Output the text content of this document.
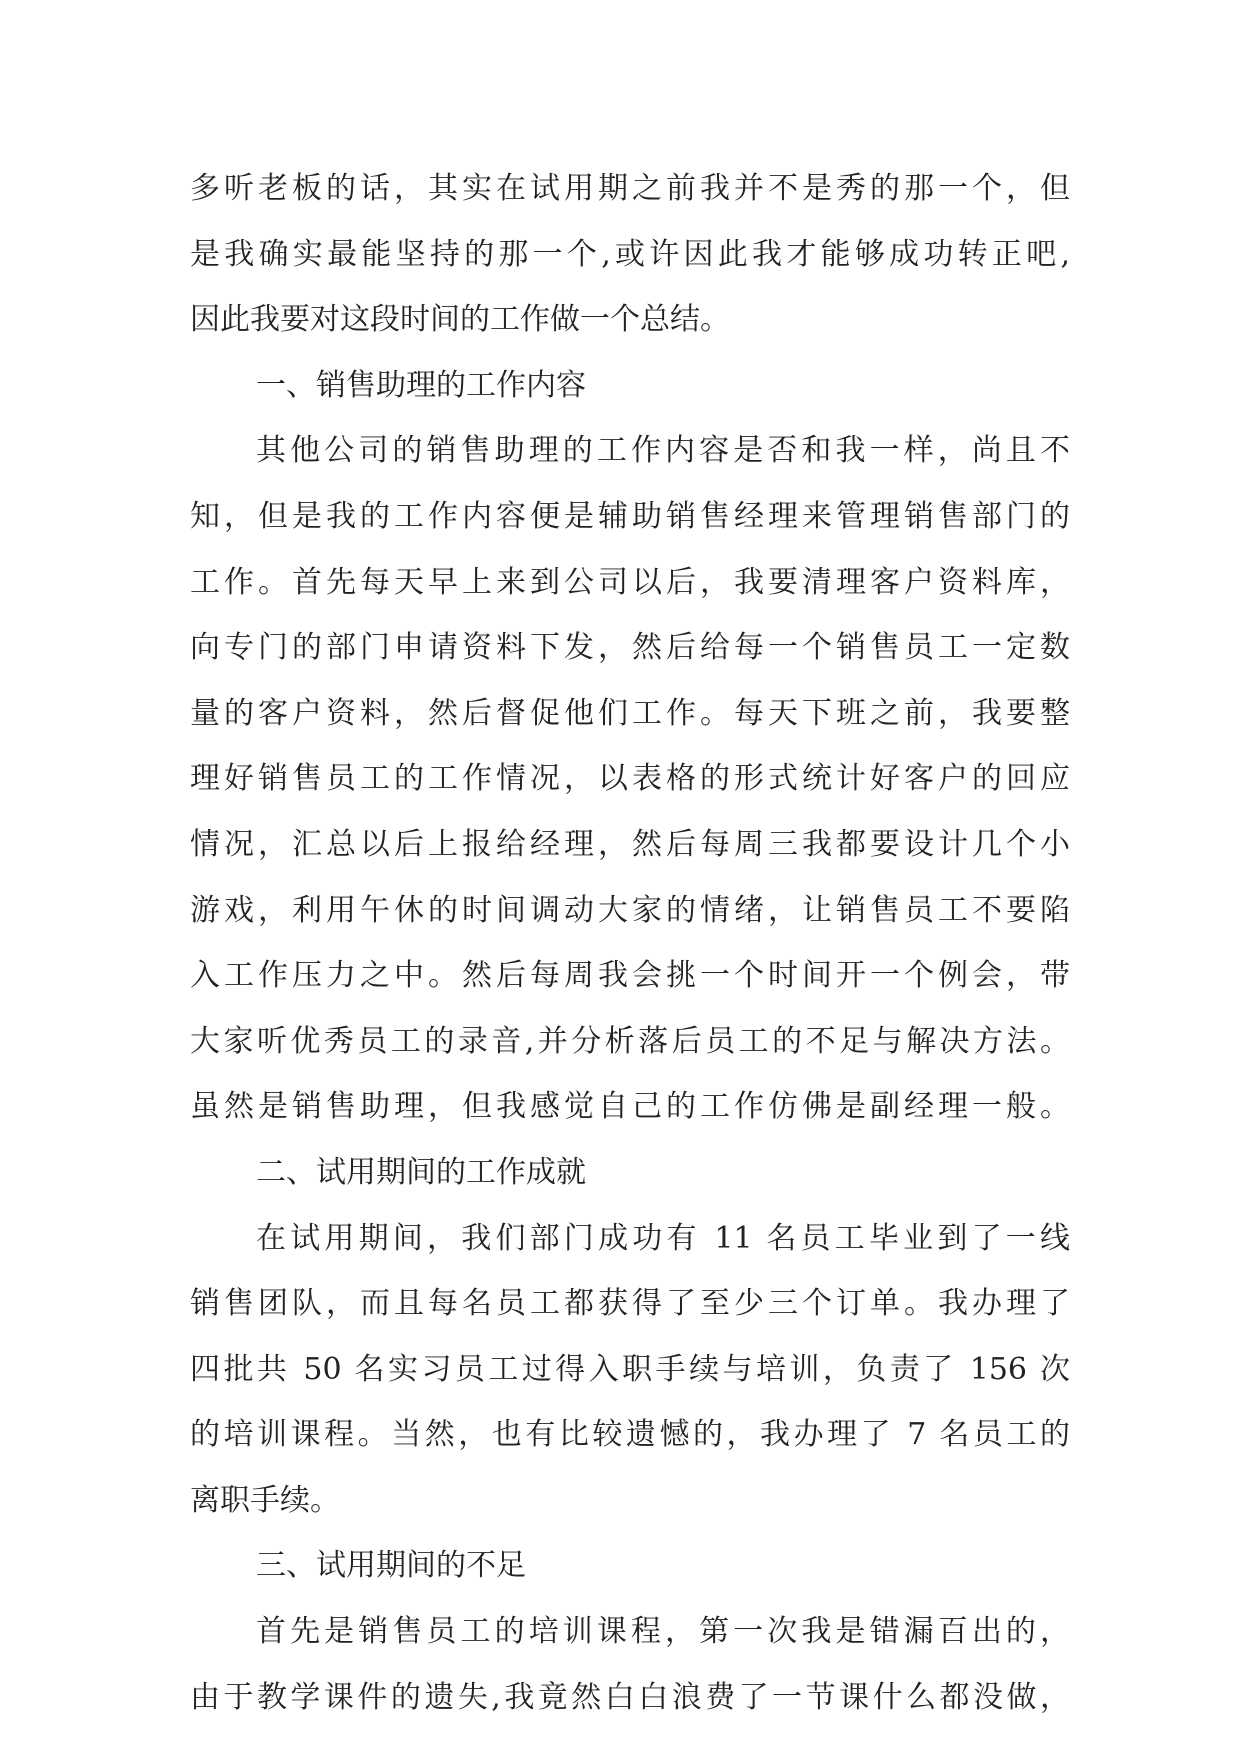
多听老板的话，其实在试用期之前我并不是秀的那一个，但
是我确实最能坚持的那一个,或许因此我才能够成功转正吧,
因此我要对这段时间的工作做一个总结。
一、销售助理的工作内容
其他公司的销售助理的工作内容是否和我一样，尚且不
知，但是我的工作内容便是辅助销售经理来管理销售部门的
工作。首先每天早上来到公司以后，我要清理客户资料库，
向专门的部门申请资料下发，然后给每一个销售员工一定数
量的客户资料，然后督促他们工作。每天下班之前，我要整
理好销售员工的工作情况，以表格的形式统计好客户的回应
情况，汇总以后上报给经理，然后每周三我都要设计几个小
游戏，利用午休的时间调动大家的情绪，让销售员工不要陷
入工作压力之中。然后每周我会挑一个时间开一个例会，带
大家听优秀员工的录音,并分析落后员工的不足与解决方法。
虽然是销售助理，但我感觉自己的工作仿佛是副经理一般。
二、试用期间的工作成就
在试用期间，我们部门成功有 11 名员工毕业到了一线
销售团队，而且每名员工都获得了至少三个订单。我办理了
四批共 50 名实习员工过得入职手续与培训，负责了 156 次
的培训课程。当然，也有比较遗憾的，我办理了 7 名员工的
离职手续。
三、试用期间的不足
首先是销售员工的培训课程，第一次我是错漏百出的，
由于教学课件的遗失,我竟然白白浪费了一节课什么都没做，
